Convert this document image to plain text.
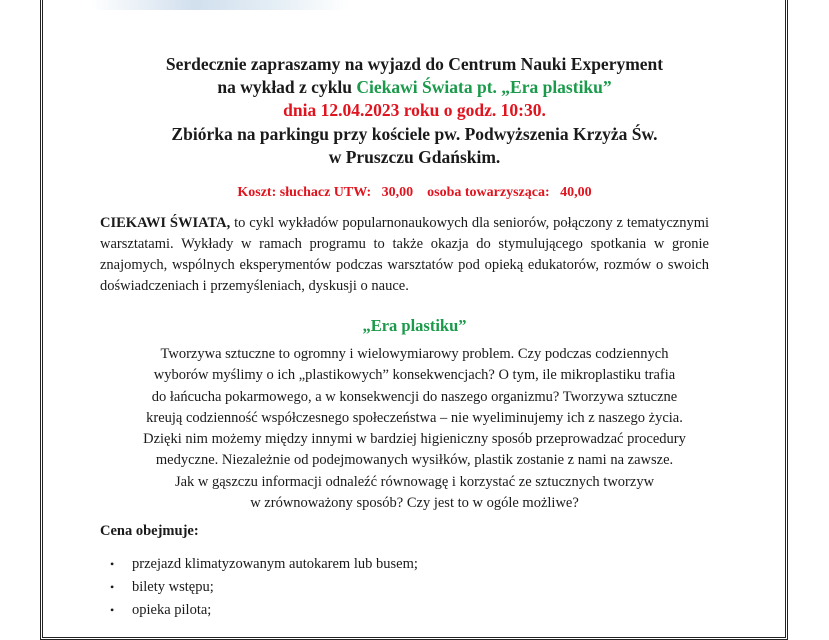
Serdecznie zapraszamy na wyjazd do Centrum Nauki Experyment
na wykład z cyklu Ciekawi Świata pt. „Era plastiku”
dnia 12.04.2023 roku o godz. 10:30.
Zbiórka na parkingu przy kościele pw. Podwyższenia Krzyża Św.
w Pruszczu Gdańskim.
Koszt: słuchacz UTW: 30,00 osoba towarzysząca: 40,00
CIEKAWI ŚWIATA, to cykl wykładów popularnonaukowych dla seniorów, połączony z tematycznymi warsztatami. Wykłady w ramach programu to także okazja do stymulującego spotkania w gronie znajomych, wspólnych eksperymentów podczas warsztatów pod opieką edukatorów, rozmów o swoich doświadczeniach i przemyśleniach, dyskusji o nauce.
„Era plastiku”
Tworzywa sztuczne to ogromny i wielowymiarowy problem. Czy podczas codziennych
wyborów myślimy o ich „plastikowych” konsekwencjach? O tym, ile mikroplastiku trafia
do łańcucha pokarmowego, a w konsekwencji do naszego organizmu? Tworzywa sztuczne
kreują codzienność współczesnego społeczeństwa – nie wyeliminujemy ich z naszego życia.
Dzięki nim możemy między innymi w bardziej higieniczny sposób przeprowadzać procedury
medyczne. Niezależnie od podejmowanych wysiłków, plastik zostanie z nami na zawsze.
Jak w gąszczu informacji odnaleźć równowagę i korzystać ze sztucznych tworzyw
w zrównoważony sposób? Czy jest to w ogóle możliwe?
Cena obejmuje:
• przejazd klimatyzowanym autokarem lub busem;
• bilety wstępu;
• opieka pilota;
